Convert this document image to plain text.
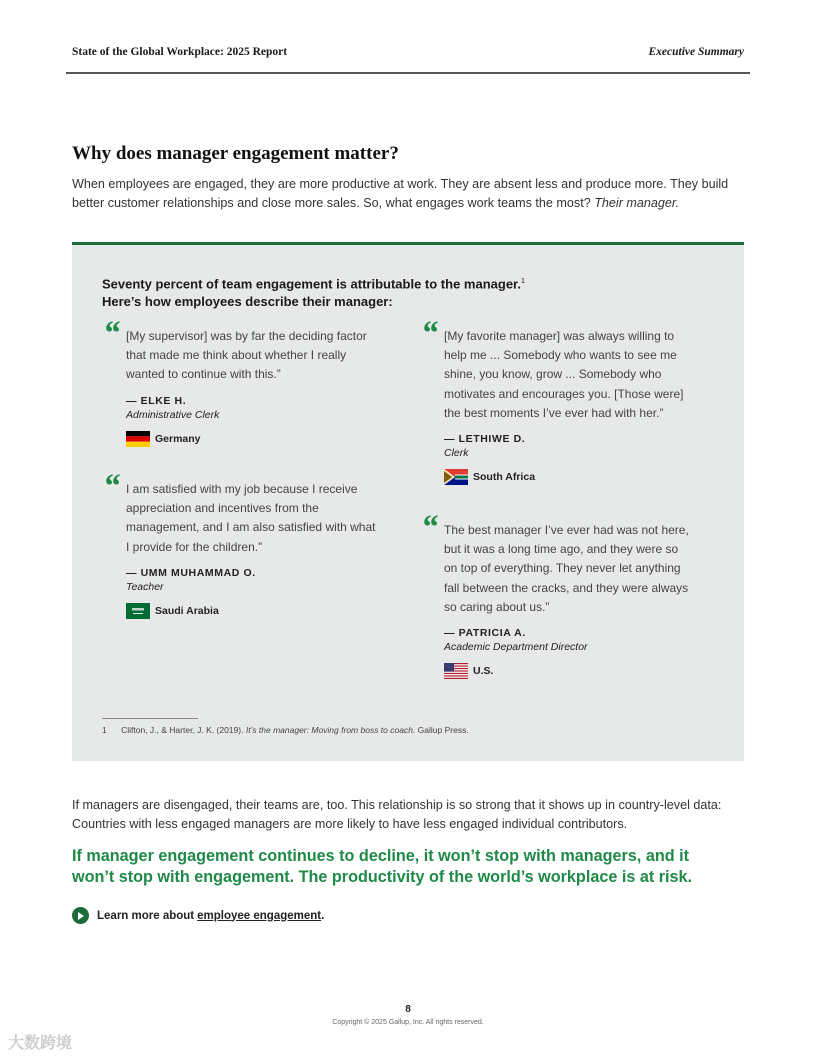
State of the Global Workplace: 2025 Report	Executive Summary
Why does manager engagement matter?
When employees are engaged, they are more productive at work. They are absent less and produce more. They build better customer relationships and close more sales. So, what engages work teams the most? Their manager.
Seventy percent of team engagement is attributable to the manager.$^1$
Here’s how employees describe their manager:
“ [My supervisor] was by far the deciding factor that made me think about whether I really wanted to continue with this.”
— ELKE H.
Administrative Clerk
Germany
“ I am satisfied with my job because I receive appreciation and incentives from the management, and I am also satisfied with what I provide for the children.”
— UMM MUHAMMAD O.
Teacher
Saudi Arabia
“ [My favorite manager] was always willing to help me ... Somebody who wants to see me shine, you know, grow ... Somebody who motivates and encourages you. [Those were] the best moments I’ve ever had with her.”
— LETHIWE D.
Clerk
South Africa
“ The best manager I’ve ever had was not here, but it was a long time ago, and they were so on top of everything. They never let anything fall between the cracks, and they were always so caring about us.”
— PATRICIA A.
Academic Department Director
U.S.
1 Clifton, J., & Harter, J. K. (2019). It’s the manager: Moving from boss to coach. Gallup Press.
If managers are disengaged, their teams are, too. This relationship is so strong that it shows up in country-level data: Countries with less engaged managers are more likely to have less engaged individual contributors.
If manager engagement continues to decline, it won’t stop with managers, and it won’t stop with engagement. The productivity of the world’s workplace is at risk.
Learn more about employee engagement .
8
Copyright © 2025 Gallup, Inc. All rights reserved.
大数跨境
